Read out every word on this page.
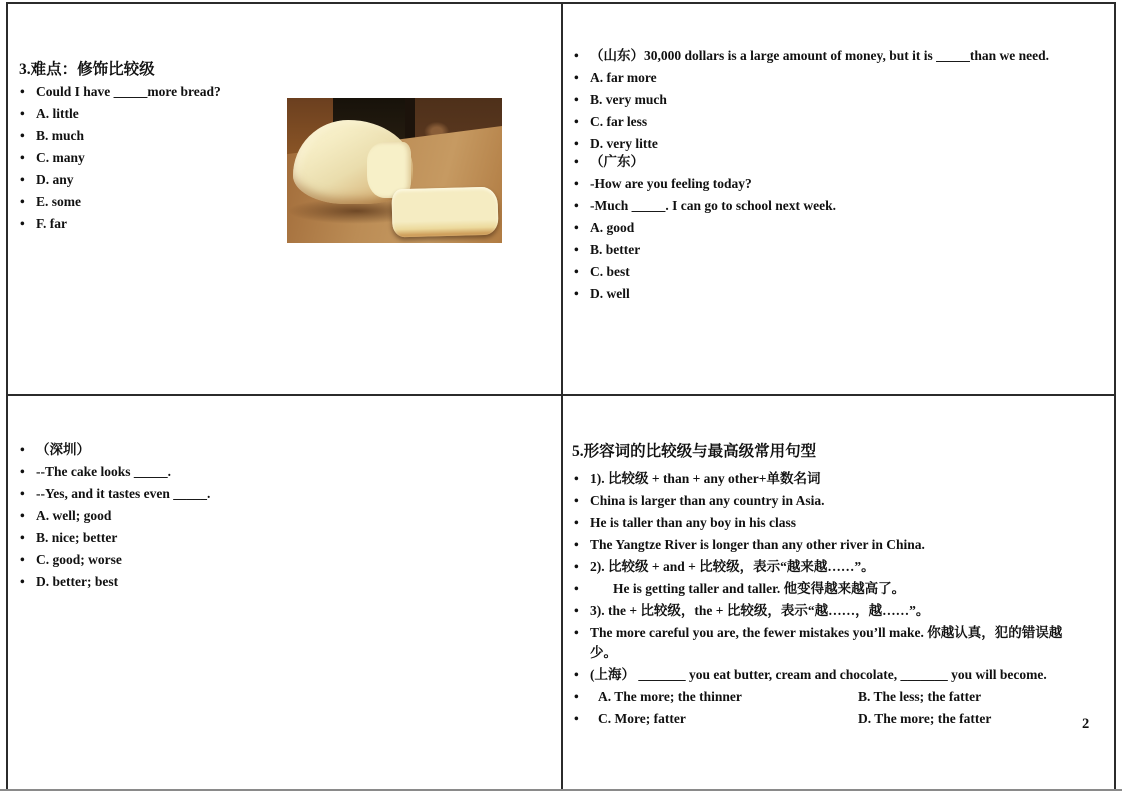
3.难点：修饰比较级
• Could I have _____more bread?
• A. little
• B. much
• C. many
• D. any
• E. some
• F. far
• （山东）30,000 dollars is a large amount of money, but it is _____than we need.
• A. far more
• B. very much
• C. far less
• D. very litte
• （广东）
• -How are you feeling today?
• -Much _____. I can go to school next week.
• A. good
• B. better
• C. best
• D. well
• （深圳）
• --The cake looks _____.
• --Yes, and it tastes even _____.
• A. well; good
• B. nice; better
• C. good; worse
• D. better; best
5.形容词的比较级与最高级常用句型
• 1). 比较级 + than + any other+单数名词
• China is larger than any country in Asia.
• He is taller than any boy in his class
• The Yangtze River is longer than any other river in China.
• 2). 比较级 + and + 比较级，表示“越来越……”。
• He is getting taller and taller. 他变得越来越高了。
• 3). the + 比较级，the + 比较级，表示“越……，越……”。
• The more careful you are, the fewer mistakes you’ll make. 你越认真，犯的错误越少。
• (上海） _______ you eat butter, cream and chocolate, _______ you will become.
• A. The more; the thinner	B. The less; the fatter
• C. More; fatter	D. The more; the fatter	2
